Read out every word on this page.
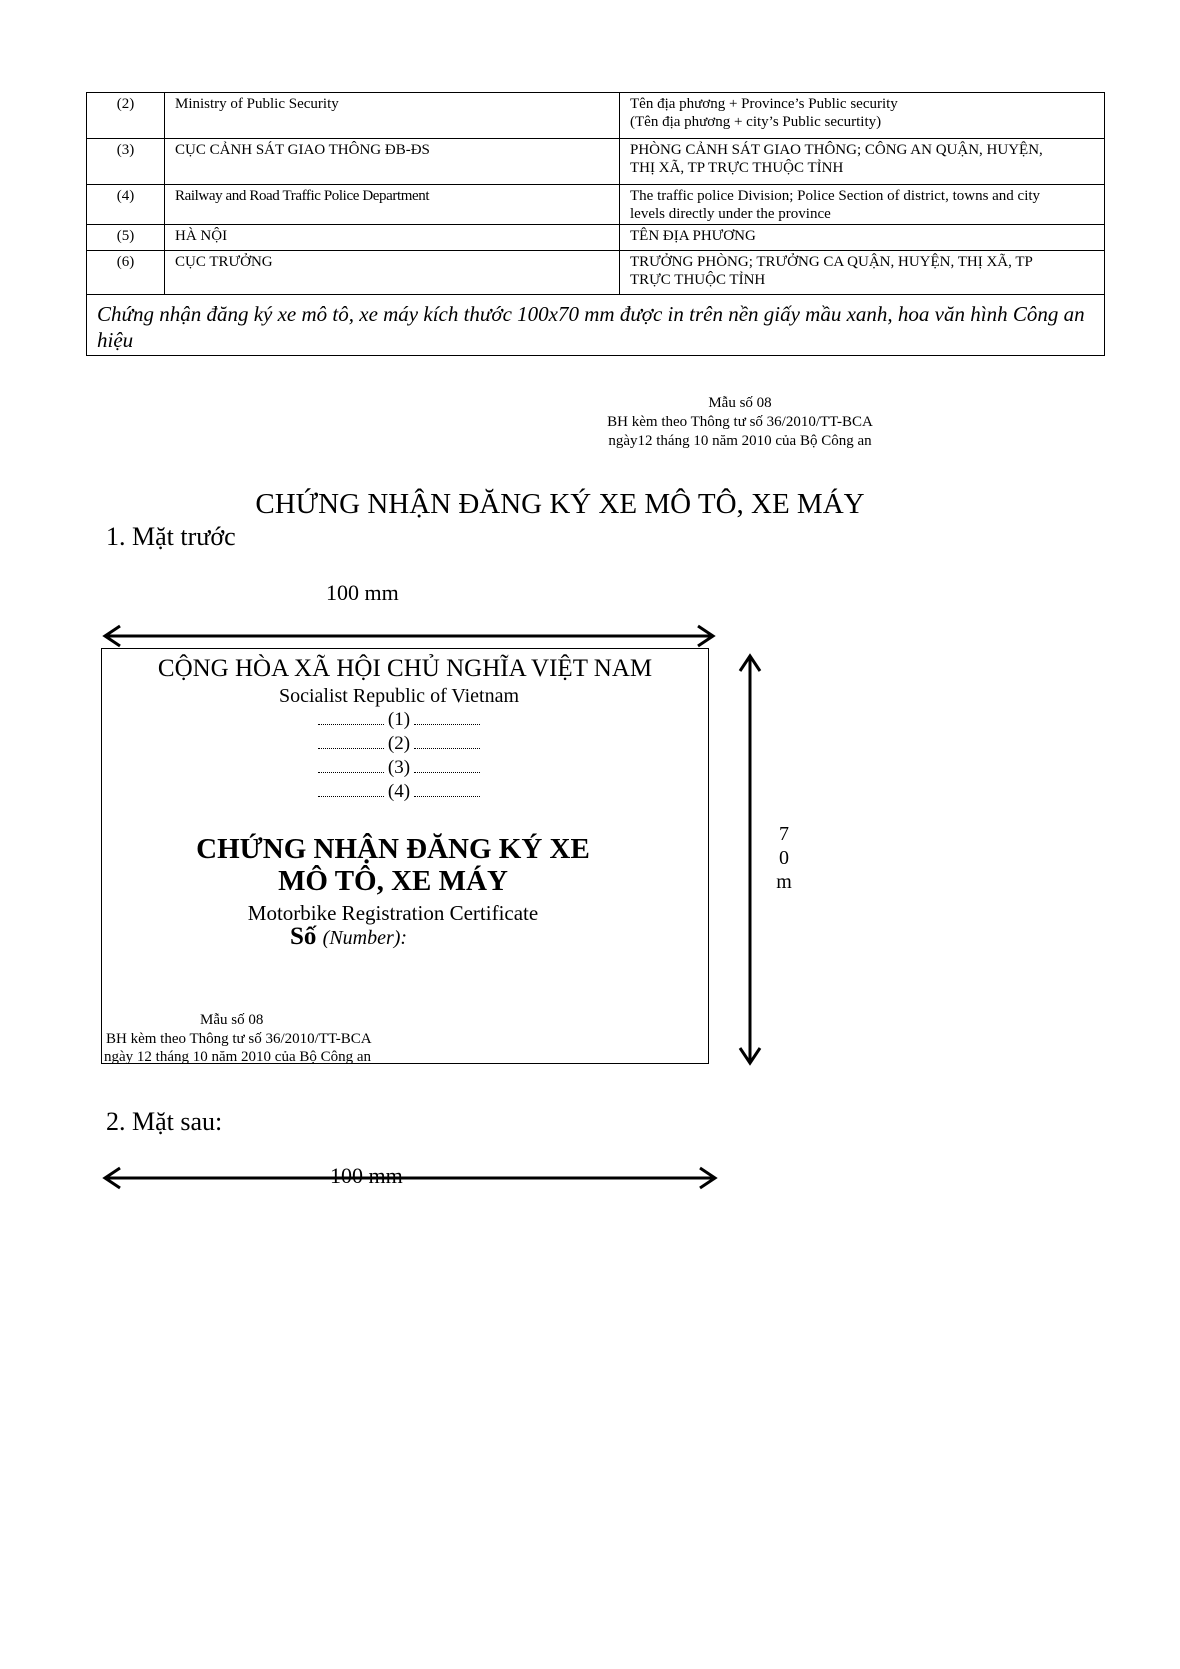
(2)	Ministry of Public Security	Tên địa phương + Province’s Public security
(Tên địa phương + city’s Public securtity)

(3)	CỤC CẢNH SÁT GIAO THÔNG ĐB-ĐS	PHÒNG CẢNH SÁT GIAO THÔNG; CÔNG AN QUẬN, HUYỆN,
THỊ XÃ, TP TRỰC THUỘC TỈNH

(4)	Railway and Road Traffic Police Department	The traffic police Division; Police Section of district, towns and city
levels directly under the province

(5)	HÀ NỘI	TÊN ĐỊA PHƯƠNG

(6)	CỤC TRƯỞNG	TRƯỞNG PHÒNG; TRƯỞNG CA QUẬN, HUYỆN, THỊ XÃ, TP
TRỰC THUỘC TỈNH

Chứng nhận đăng ký xe mô tô, xe máy kích thước 100x70 mm được in trên nền giấy mầu xanh, hoa văn hình Công an hiệu		
Mẫu số 08
BH kèm theo Thông tư số 36/2010/TT-BCA
ngày12 tháng 10 năm 2010 của Bộ Công an
CHỨNG NHẬN ĐĂNG KÝ XE MÔ TÔ, XE MÁY
1. Mặt trước
100 mm
7
0
m
CỘNG HÒA XÃ HỘI CHỦ NGHĨA VIỆT NAM
Socialist Republic of Vietnam
(1)
(2)
(3)
(4)
CHỨNG NHẬN ĐĂNG KÝ XE
MÔ TÔ, XE MÁY
Motorbike Registration Certificate
Số (Number):
Mẫu số 08
BH kèm theo Thông tư số 36/2010/TT-BCA
ngày 12 tháng 10 năm 2010 của Bộ Công an
2. Mặt sau:
100 mm
